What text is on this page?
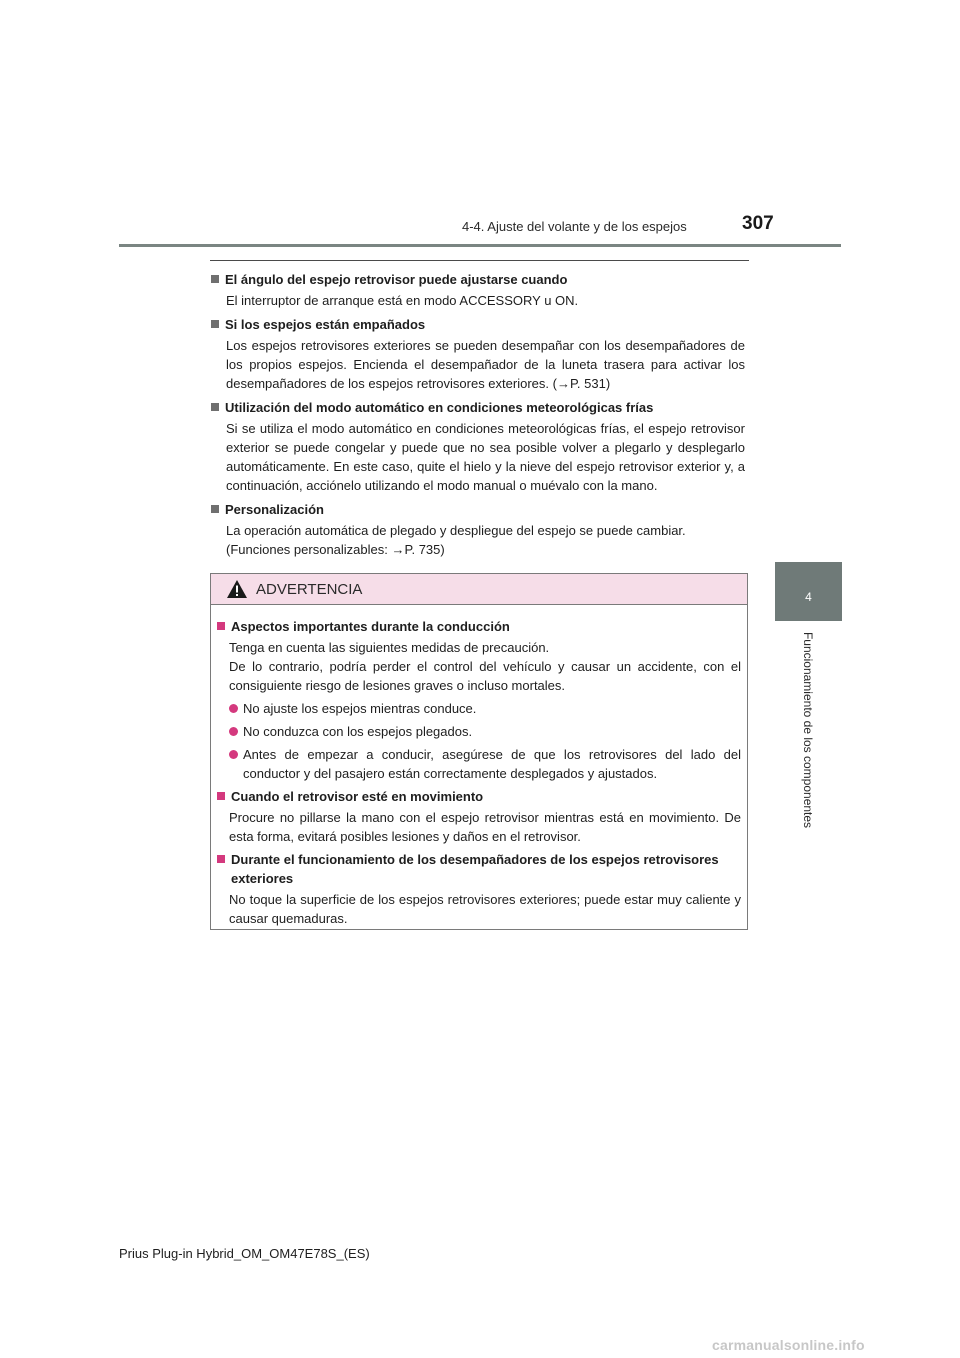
4-4. Ajuste del volante y de los espejos	307
4
Funcionamiento de los componentes
El ángulo del espejo retrovisor puede ajustarse cuando
El interruptor de arranque está en modo ACCESSORY u ON.
Si los espejos están empañados
Los espejos retrovisores exteriores se pueden desempañar con los desempañadores de los propios espejos. Encienda el desempañador de la luneta trasera para activar los desempañadores de los espejos retrovisores exteriores. (→P. 531)
Utilización del modo automático en condiciones meteorológicas frías
Si se utiliza el modo automático en condiciones meteorológicas frías, el espejo retrovisor exterior se puede congelar y puede que no sea posible volver a plegarlo y desplegarlo automáticamente. En este caso, quite el hielo y la nieve del espejo retrovisor exterior y, a continuación, acciónelo utilizando el modo manual o muévalo con la mano.
Personalización
La operación automática de plegado y despliegue del espejo se puede cambiar.
(Funciones personalizables: →P. 735)
ADVERTENCIA
Aspectos importantes durante la conducción
Tenga en cuenta las siguientes medidas de precaución.
De lo contrario, podría perder el control del vehículo y causar un accidente, con el consiguiente riesgo de lesiones graves o incluso mortales.
No ajuste los espejos mientras conduce.
No conduzca con los espejos plegados.
Antes de empezar a conducir, asegúrese de que los retrovisores del lado del conductor y del pasajero están correctamente desplegados y ajustados.
Cuando el retrovisor esté en movimiento
Procure no pillarse la mano con el espejo retrovisor mientras está en movimiento. De esta forma, evitará posibles lesiones y daños en el retrovisor.
Durante el funcionamiento de los desempañadores de los espejos retrovisores exteriores
No toque la superficie de los espejos retrovisores exteriores; puede estar muy caliente y causar quemaduras.
Prius Plug-in Hybrid_OM_OM47E78S_(ES)
carmanualsonline.info
